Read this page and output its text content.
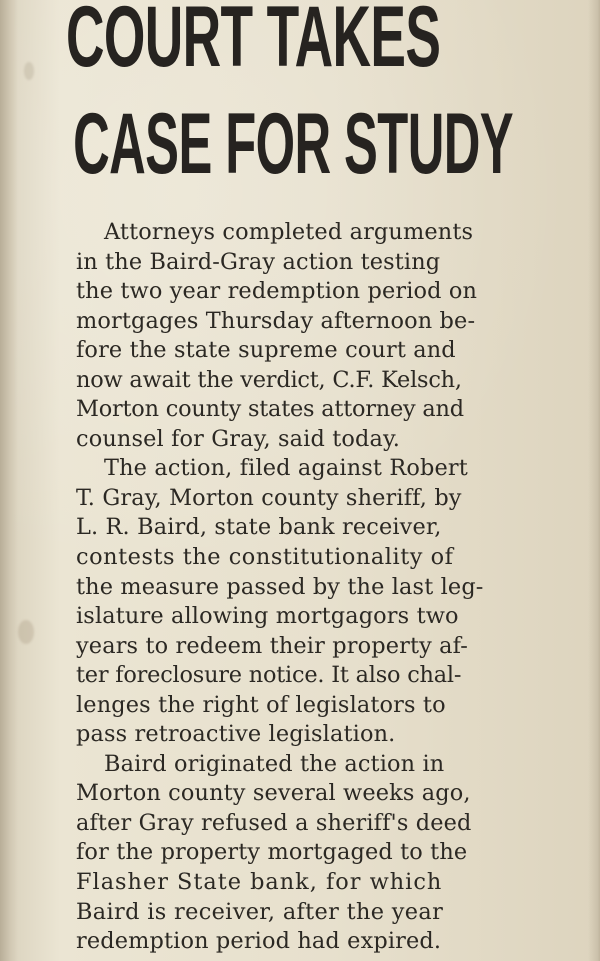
COURT TAKES
CASE FOR STUDY
Attorneys completed arguments
in the Baird-Gray action testing
the two year redemption period on
mortgages Thursday afternoon be-
fore the state supreme court and
now await the verdict, C.F. Kelsch,
Morton county states attorney and
counsel for Gray, said today.
The action, filed against Robert
T. Gray, Morton county sheriff, by
L. R. Baird, state bank receiver,
contests the constitutionality of
the measure passed by the last leg-
islature allowing mortgagors two
years to redeem their property af-
ter foreclosure notice. It also chal-
lenges the right of legislators to
pass retroactive legislation.
Baird originated the action in
Morton county several weeks ago,
after Gray refused a sheriff's deed
for the property mortgaged to the
Flasher State bank, for which
Baird is receiver, after the year
redemption period had expired.
